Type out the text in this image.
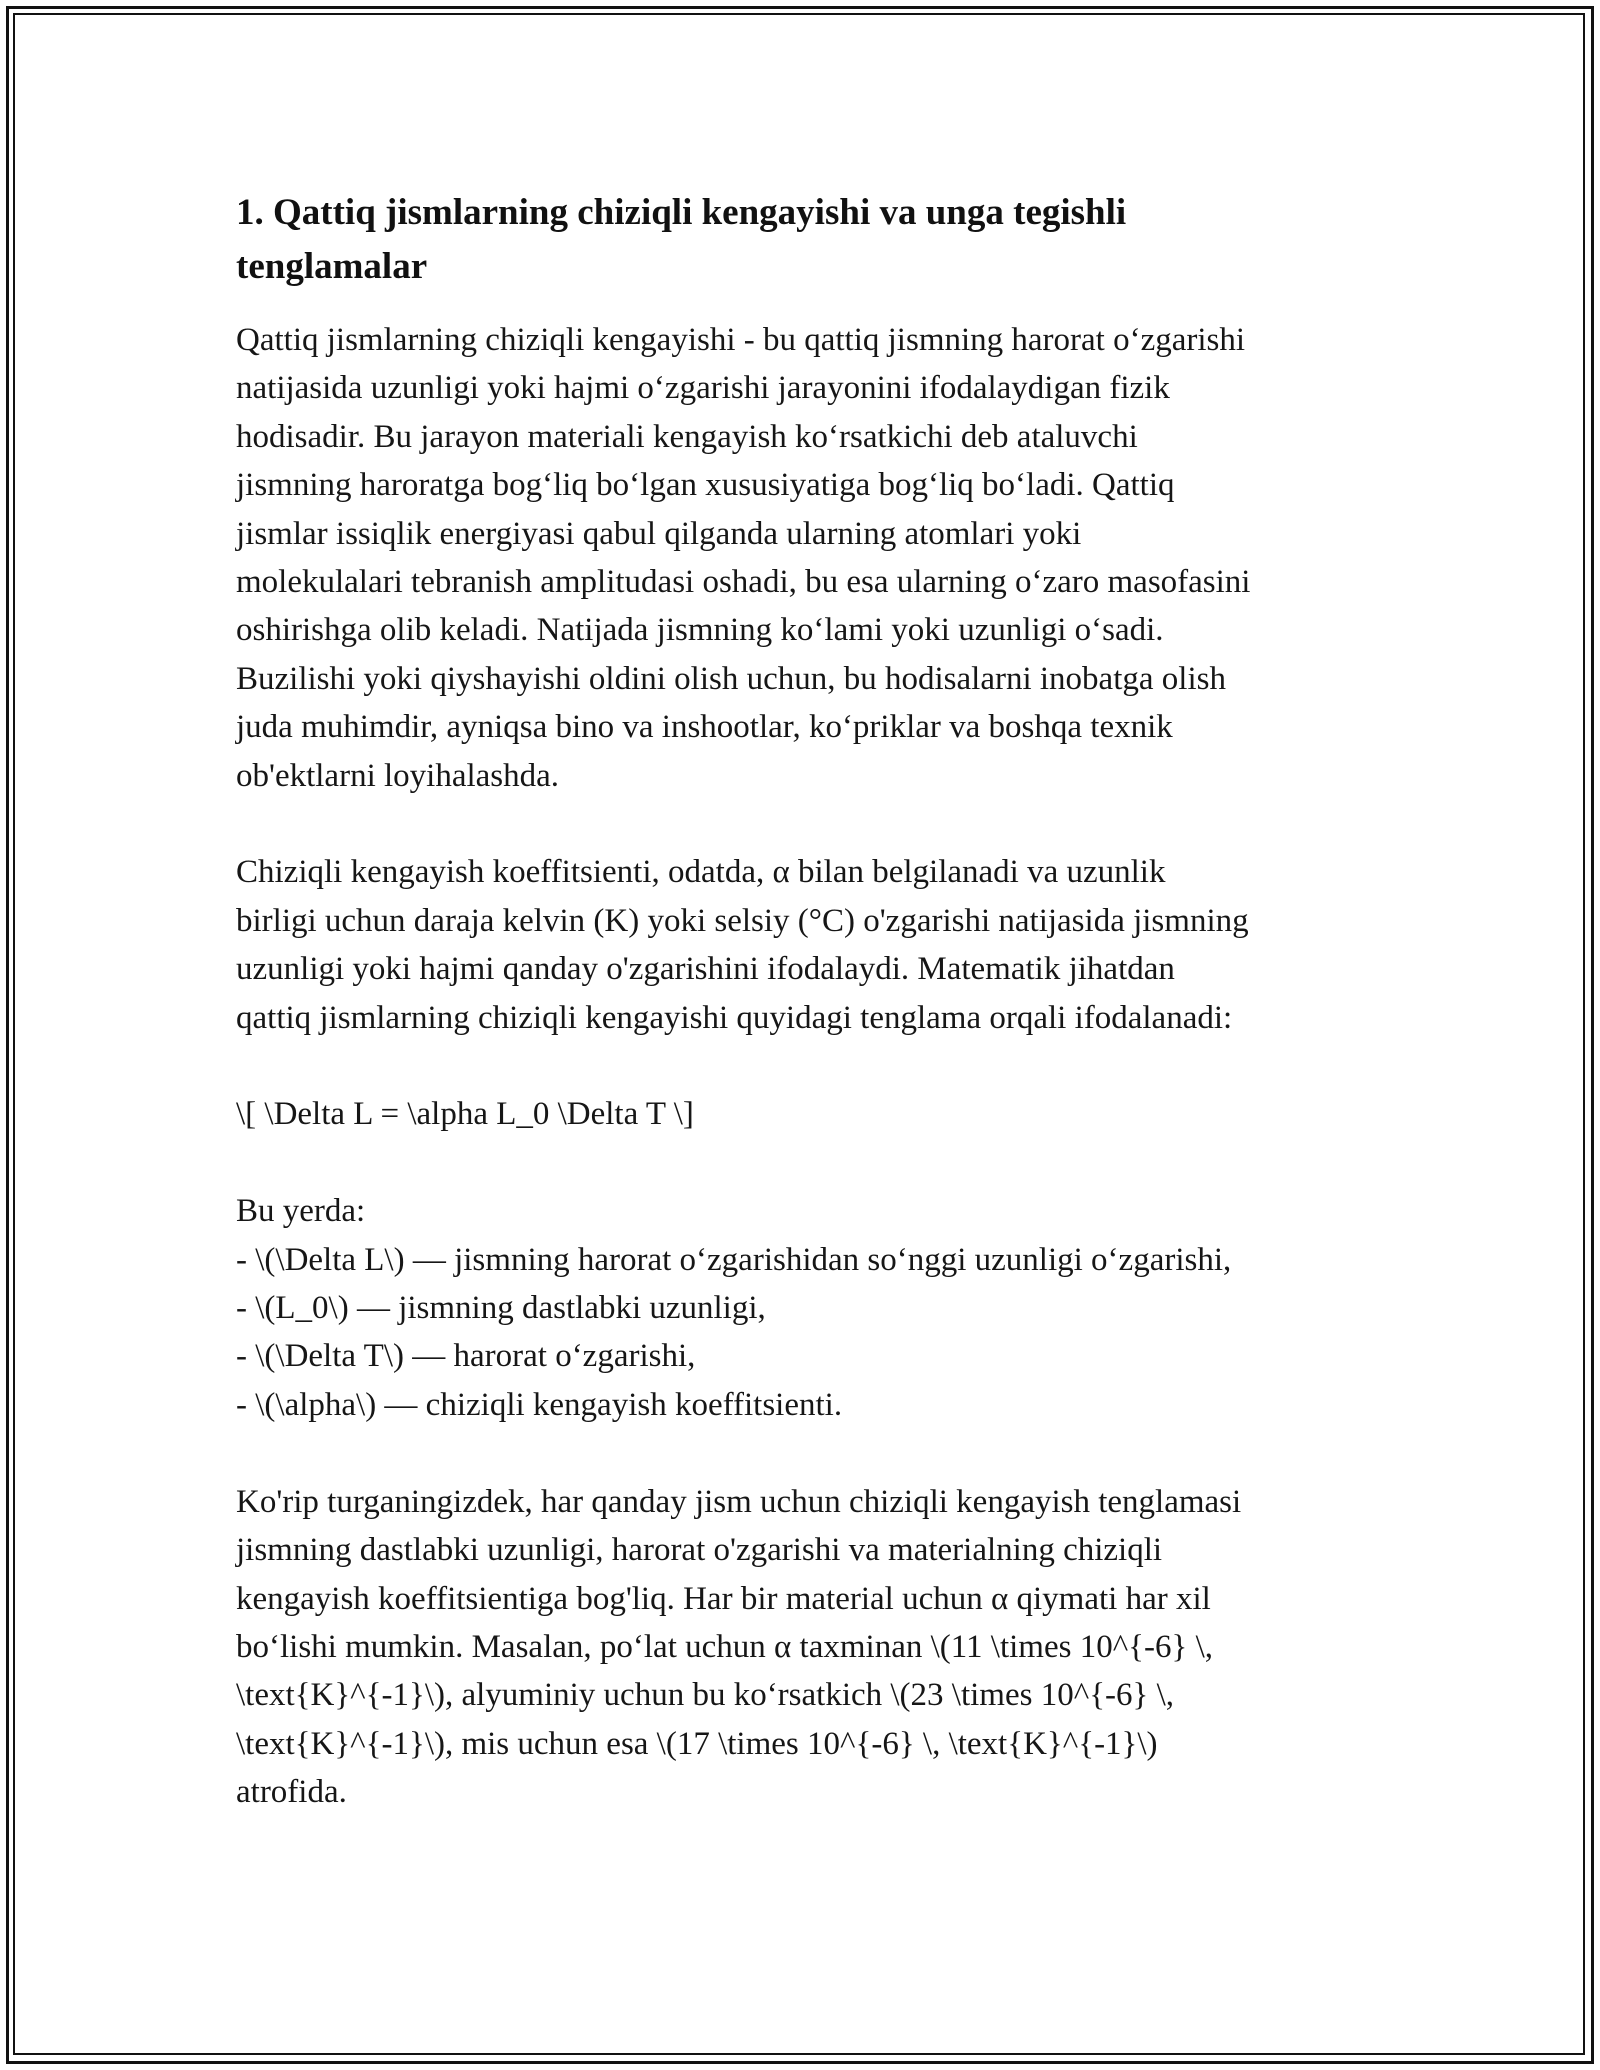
1. Qattiq jismlarning chiziqli kengayishi va unga tegishli
tenglamalar

Qattiq jismlarning chiziqli kengayishi - bu qattiq jismning harorat o‘zgarishi
natijasida uzunligi yoki hajmi o‘zgarishi jarayonini ifodalaydigan fizik
hodisadir. Bu jarayon materiali kengayish ko‘rsatkichi deb ataluvchi
jismning haroratga bog‘liq bo‘lgan xususiyatiga bog‘liq bo‘ladi. Qattiq
jismlar issiqlik energiyasi qabul qilganda ularning atomlari yoki
molekulalari tebranish amplitudasi oshadi, bu esa ularning o‘zaro masofasini
oshirishga olib keladi. Natijada jismning ko‘lami yoki uzunligi o‘sadi.
Buzilishi yoki qiyshayishi oldini olish uchun, bu hodisalarni inobatga olish
juda muhimdir, ayniqsa bino va inshootlar, ko‘priklar va boshqa texnik
ob'ektlarni loyihalashda.

Chiziqli kengayish koeffitsienti, odatda, α bilan belgilanadi va uzunlik
birligi uchun daraja kelvin (K) yoki selsiy (°C) o'zgarishi natijasida jismning
uzunligi yoki hajmi qanday o'zgarishini ifodalaydi. Matematik jihatdan
qattiq jismlarning chiziqli kengayishi quyidagi tenglama orqali ifodalanadi:

\[ \Delta L = \alpha L_0 \Delta T \]

Bu yerda:
- \(\Delta L\) — jismning harorat o‘zgarishidan so‘nggi uzunligi o‘zgarishi,
- \(L_0\) — jismning dastlabki uzunligi,
- \(\Delta T\) — harorat o‘zgarishi,
- \(\alpha\) — chiziqli kengayish koeffitsienti.

Ko'rip turganingizdek, har qanday jism uchun chiziqli kengayish tenglamasi
jismning dastlabki uzunligi, harorat o'zgarishi va materialning chiziqli
kengayish koeffitsientiga bog'liq. Har bir material uchun α qiymati har xil
bo‘lishi mumkin. Masalan, po‘lat uchun α taxminan \(11 \times 10^{-6} \,
\text{K}^{-1}\), alyuminiy uchun bu ko‘rsatkich \(23 \times 10^{-6} \,
\text{K}^{-1}\), mis uchun esa \(17 \times 10^{-6} \, \text{K}^{-1}\)
atrofida.
